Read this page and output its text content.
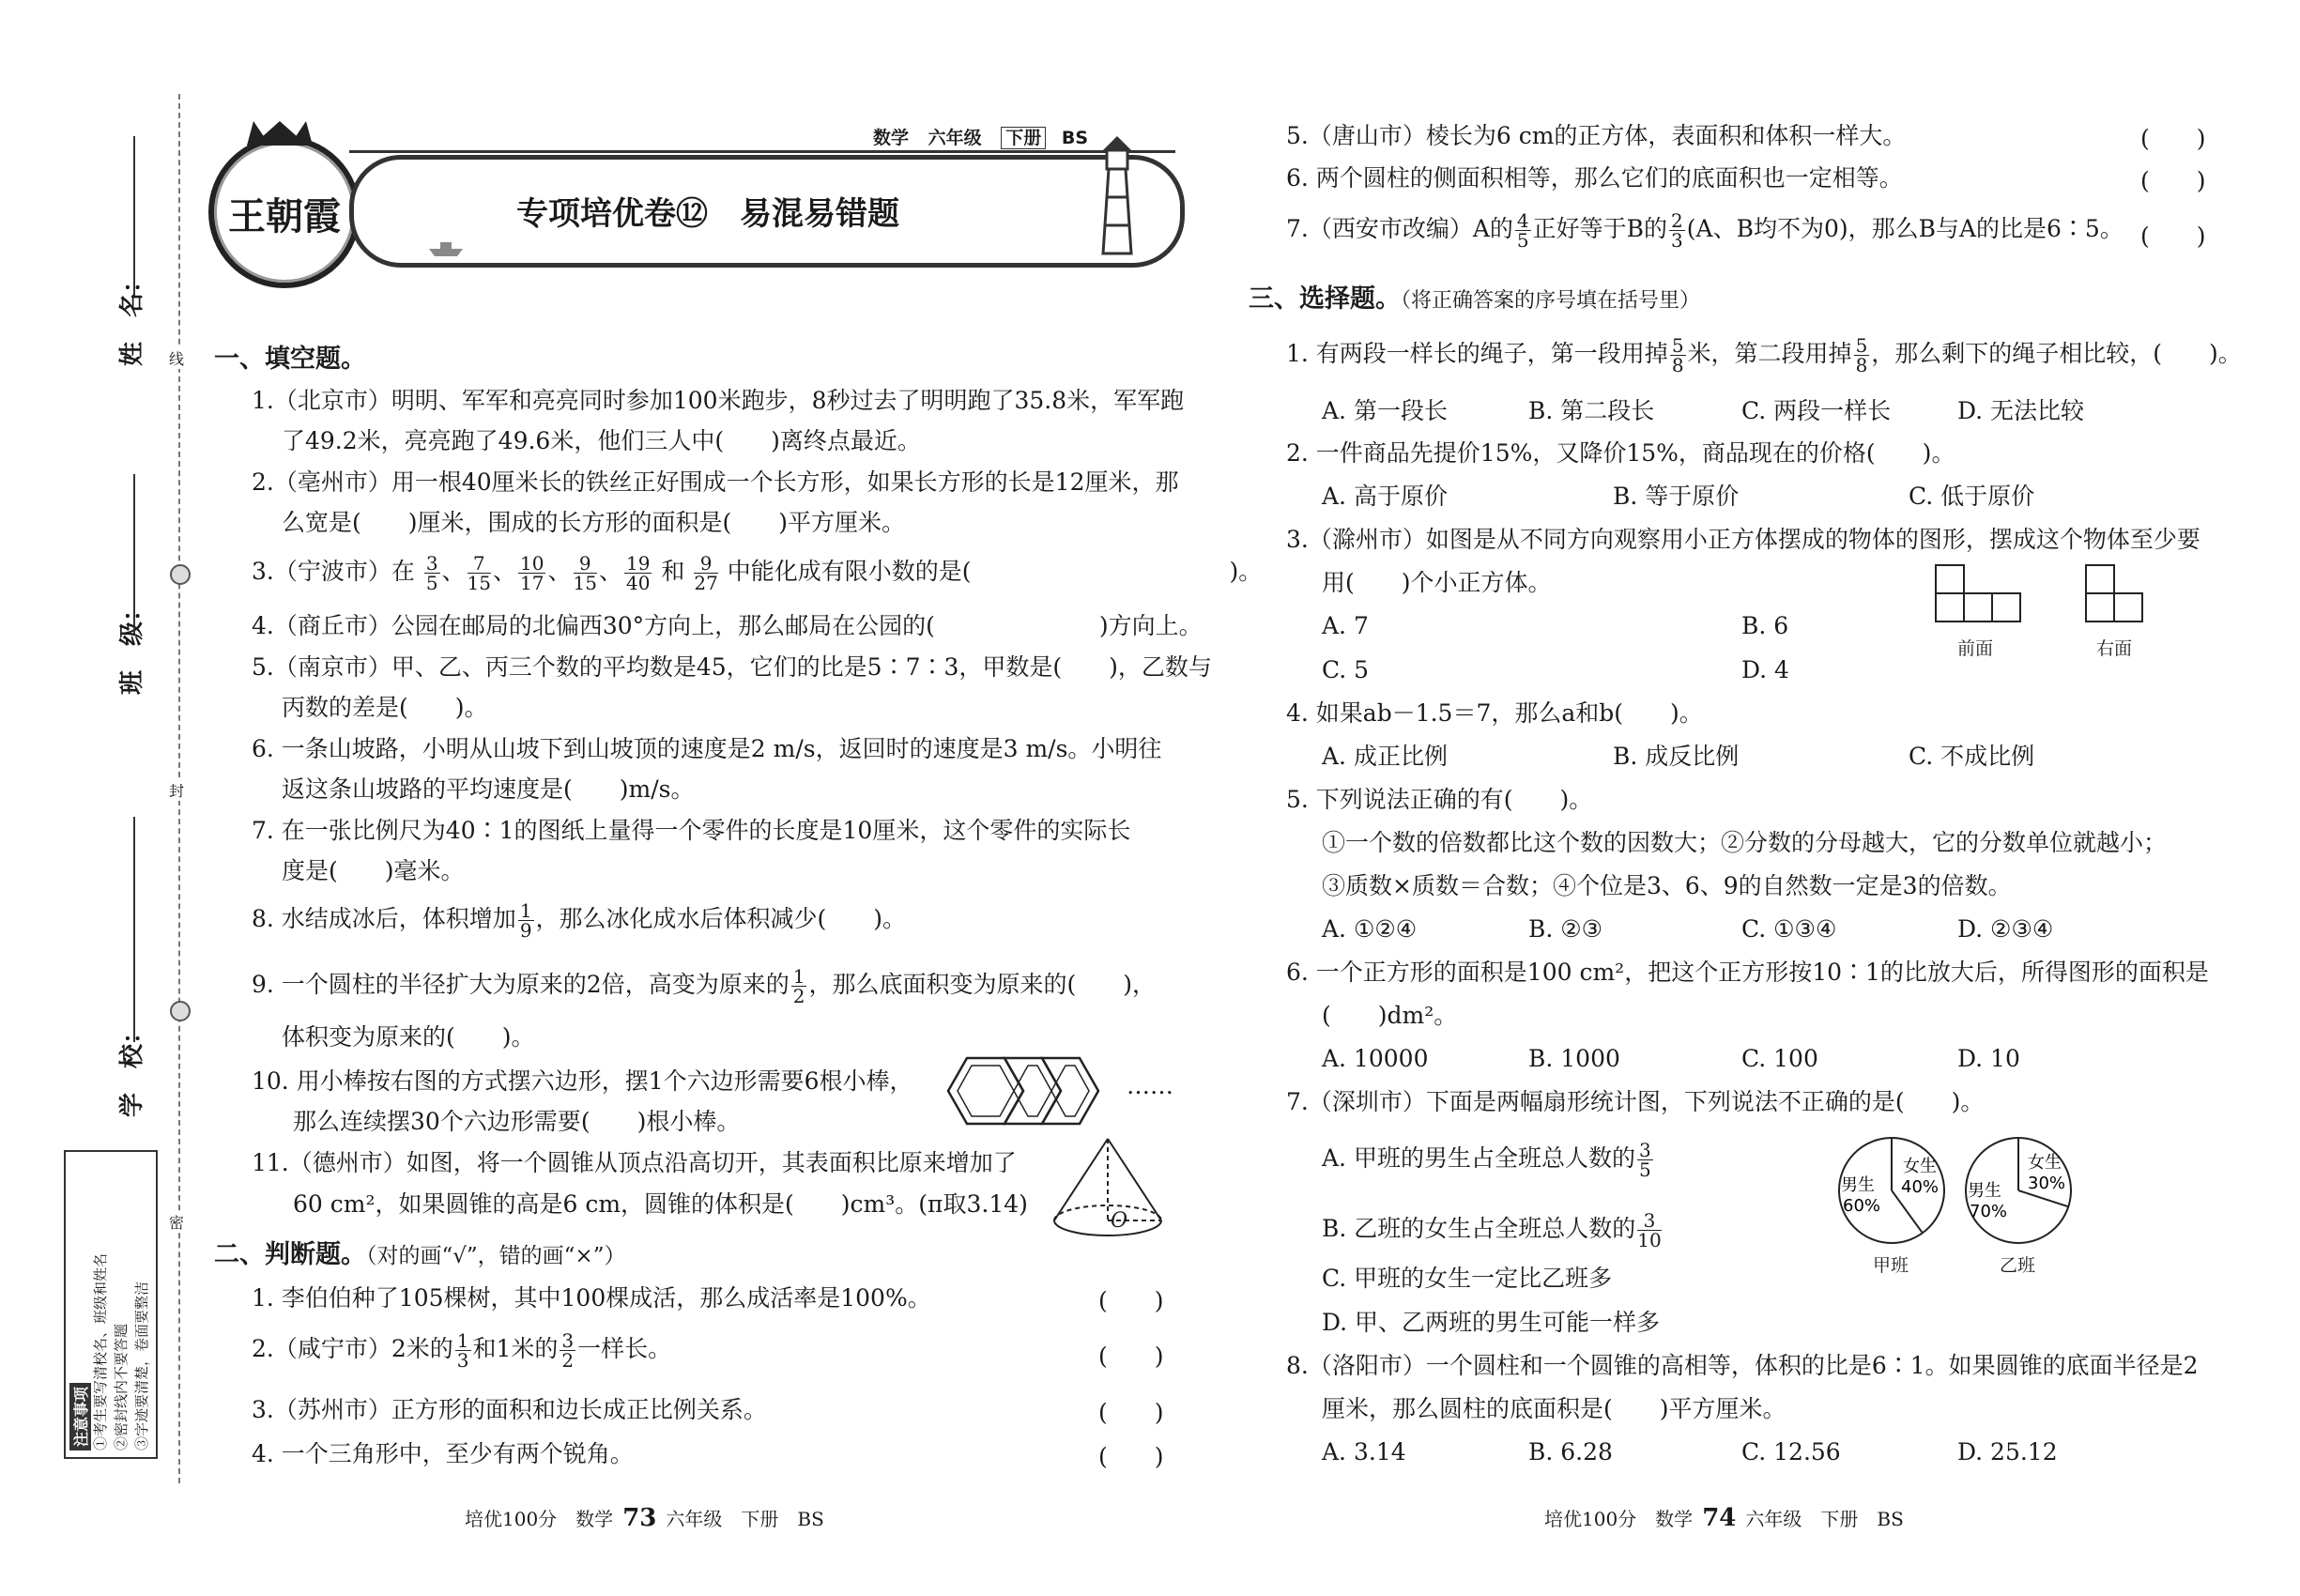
姓　名：
班　级：
学　校：
线
封
密
注意事项 ①考生要写清校名、班级和姓名 ②密封线内不要答题 ③字迹要清楚，卷面要整洁
王朝霞
数学 六年级 下册 BS
专项培优卷⑫　易混易错题
一、填空题。
1.（北京市）明明、军军和亮亮同时参加100米跑步，8秒过去了明明跑了35.8米，军军跑
了49.2米，亮亮跑了49.6米，他们三人中(　　)离终点最近。
2.（亳州市）用一根40厘米长的铁丝正好围成一个长方形，如果长方形的长是12厘米，那
么宽是(　　)厘米，围成的长方形的面积是(　　)平方厘米。
3.（宁波市）在 $\frac{3}{5}$ 、 $\frac{7}{15}$ 、 $\frac{10}{17}$ 、 $\frac{9}{15}$ 、 $\frac{19}{40}$ 和 $\frac{9}{27}$ 中能化成有限小数的是(　　　　　　　　　　　)。
4.（商丘市）公园在邮局的北偏西30°方向上，那么邮局在公园的(　　　　　　　)方向上。
5.（南京市）甲、乙、丙三个数的平均数是45，它们的比是5∶7∶3，甲数是(　　)，乙数与
丙数的差是(　　)。
6. 一条山坡路，小明从山坡下到山坡顶的速度是2 m/s，返回时的速度是3 m/s。小明往
返这条山坡路的平均速度是(　　)m/s。
7. 在一张比例尺为40∶1的图纸上量得一个零件的长度是10厘米，这个零件的实际长
度是(　　)毫米。
8. 水结成冰后，体积增加 $\frac{1}{9}$ ，那么冰化成水后体积减少(　　)。
9. 一个圆柱的半径扩大为原来的2倍，高变为原来的 $\frac{1}{2}$ ，那么底面积变为原来的(　　)，
体积变为原来的(　　)。
10. 用小棒按右图的方式摆六边形，摆1个六边形需要6根小棒，
那么连续摆30个六边形需要(　　)根小棒。
……
11.（德州市）如图，将一个圆锥从顶点沿高切开，其表面积比原来增加了
60 cm²，如果圆锥的高是6 cm，圆锥的体积是(　　)cm³。(π取3.14)
O
二、判断题。（对的画“√”，错的画“×”）
1. 李伯伯种了105棵树，其中100棵成活，那么成活率是100%。	(　　)
2.（咸宁市）2米的 $\frac{1}{3}$ 和1米的 $\frac{3}{2}$ 一样长。	(　　)
3.（苏州市）正方形的面积和边长成正比例关系。	(　　)
4. 一个三角形中，至少有两个锐角。	(　　)
培优100分　数学 73 六年级　下册　BS
5.（唐山市）棱长为6 cm的正方体，表面积和体积一样大。	(　　)
6. 两个圆柱的侧面积相等，那么它们的底面积也一定相等。	(　　)
7.（西安市改编）A的 $\frac{4}{5}$ 正好等于B的 $\frac{2}{3} (A$、B均不为0)，那么B与A的比是6∶5。 (　　)
三、选择题。（将正确答案的序号填在括号里）
1. 有两段一样长的绳子，第一段用掉 $\frac{5}{8}$ 米，第二段用掉 $\frac{5}{8}$ ，那么剩下的绳子相比较，(　　)。
A. 第一段长	B. 第二段长	C. 两段一样长	D. 无法比较
2. 一件商品先提价15%，又降价15%，商品现在的价格(　　)。
A. 高于原价	B. 等于原价	C. 低于原价
3.（滁州市）如图是从不同方向观察用小正方体摆成的物体的图形，摆成这个物体至少要
用(　　)个小正方体。
A. 7	B. 6
C. 5	D. 4
前面	右面
4. 如果ab－1.5＝7，那么a和b(　　)。
A. 成正比例	B. 成反比例	C. 不成比例
5. 下列说法正确的有(　　)。
①一个数的倍数都比这个数的因数大；②分数的分母越大，它的分数单位就越小；
③质数×质数＝合数；④个位是3、6、9的自然数一定是3的倍数。
A. ①②④	B. ②③	C. ①③④	D. ②③④
6. 一个正方形的面积是100 cm²，把这个正方形按10∶1的比放大后，所得图形的面积是
(　　)dm²。
A. 10000	B. 1000	C. 100	D. 10
7.（深圳市）下面是两幅扇形统计图，下列说法不正确的是(　　)。
A. 甲班的男生占全班总人数的 $\frac{3}{5}$
B. 乙班的女生占全班总人数的 $\frac{3}{10}$
C. 甲班的女生一定比乙班多
D. 甲、乙两班的男生可能一样多
女生
40%
男生
60%
女生
30%
男生
70%
甲班	乙班
8.（洛阳市）一个圆柱和一个圆锥的高相等，体积的比是6∶1。如果圆锥的底面半径是2
厘米，那么圆柱的底面积是(　　)平方厘米。
A. 3.14	B. 6.28	C. 12.56	D. 25.12
培优100分　数学 74 六年级　下册　BS
